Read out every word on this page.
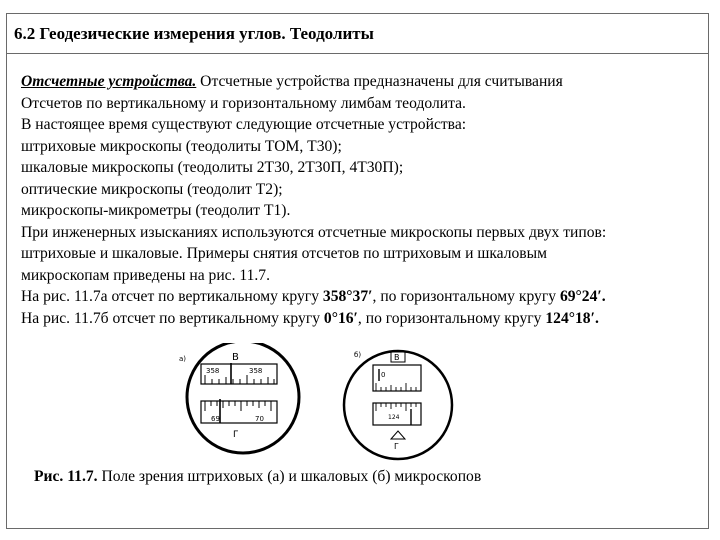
6.2 Геодезические измерения углов. Теодолиты
Отсчетные устройства. Отсчетные устройства предназначены для считывания
Отсчетов по вертикальному и горизонтальному лимбам теодолита.
В настоящее время существуют следующие отсчетные устройства:
штриховые микроскопы (теодолиты ТОМ, Т30);
шкаловые микроскопы (теодолиты 2Т30, 2Т30П, 4Т30П);
оптические микроскопы (теодолит Т2);
микроскопы-микрометры (теодолит Т1).
При инженерных изысканиях используются отсчетные микроскопы первых двух типов:
штриховые и шкаловые. Примеры снятия отсчетов по штриховым и шкаловым
микроскопам приведены на рис. 11.7.
На рис. 11.7а отсчет по вертикальному кругу 358°37′, по горизонтальному кругу 69°24′.
На рис. 11.7б отсчет по вертикальному кругу 0°16′, по горизонтальному кругу 124°18′.
а)	В
358	358
69	70
Г
б)	В
0
124
Г
Рис. 11.7. Поле зрения штриховых (а) и шкаловых (б) микроскопов
